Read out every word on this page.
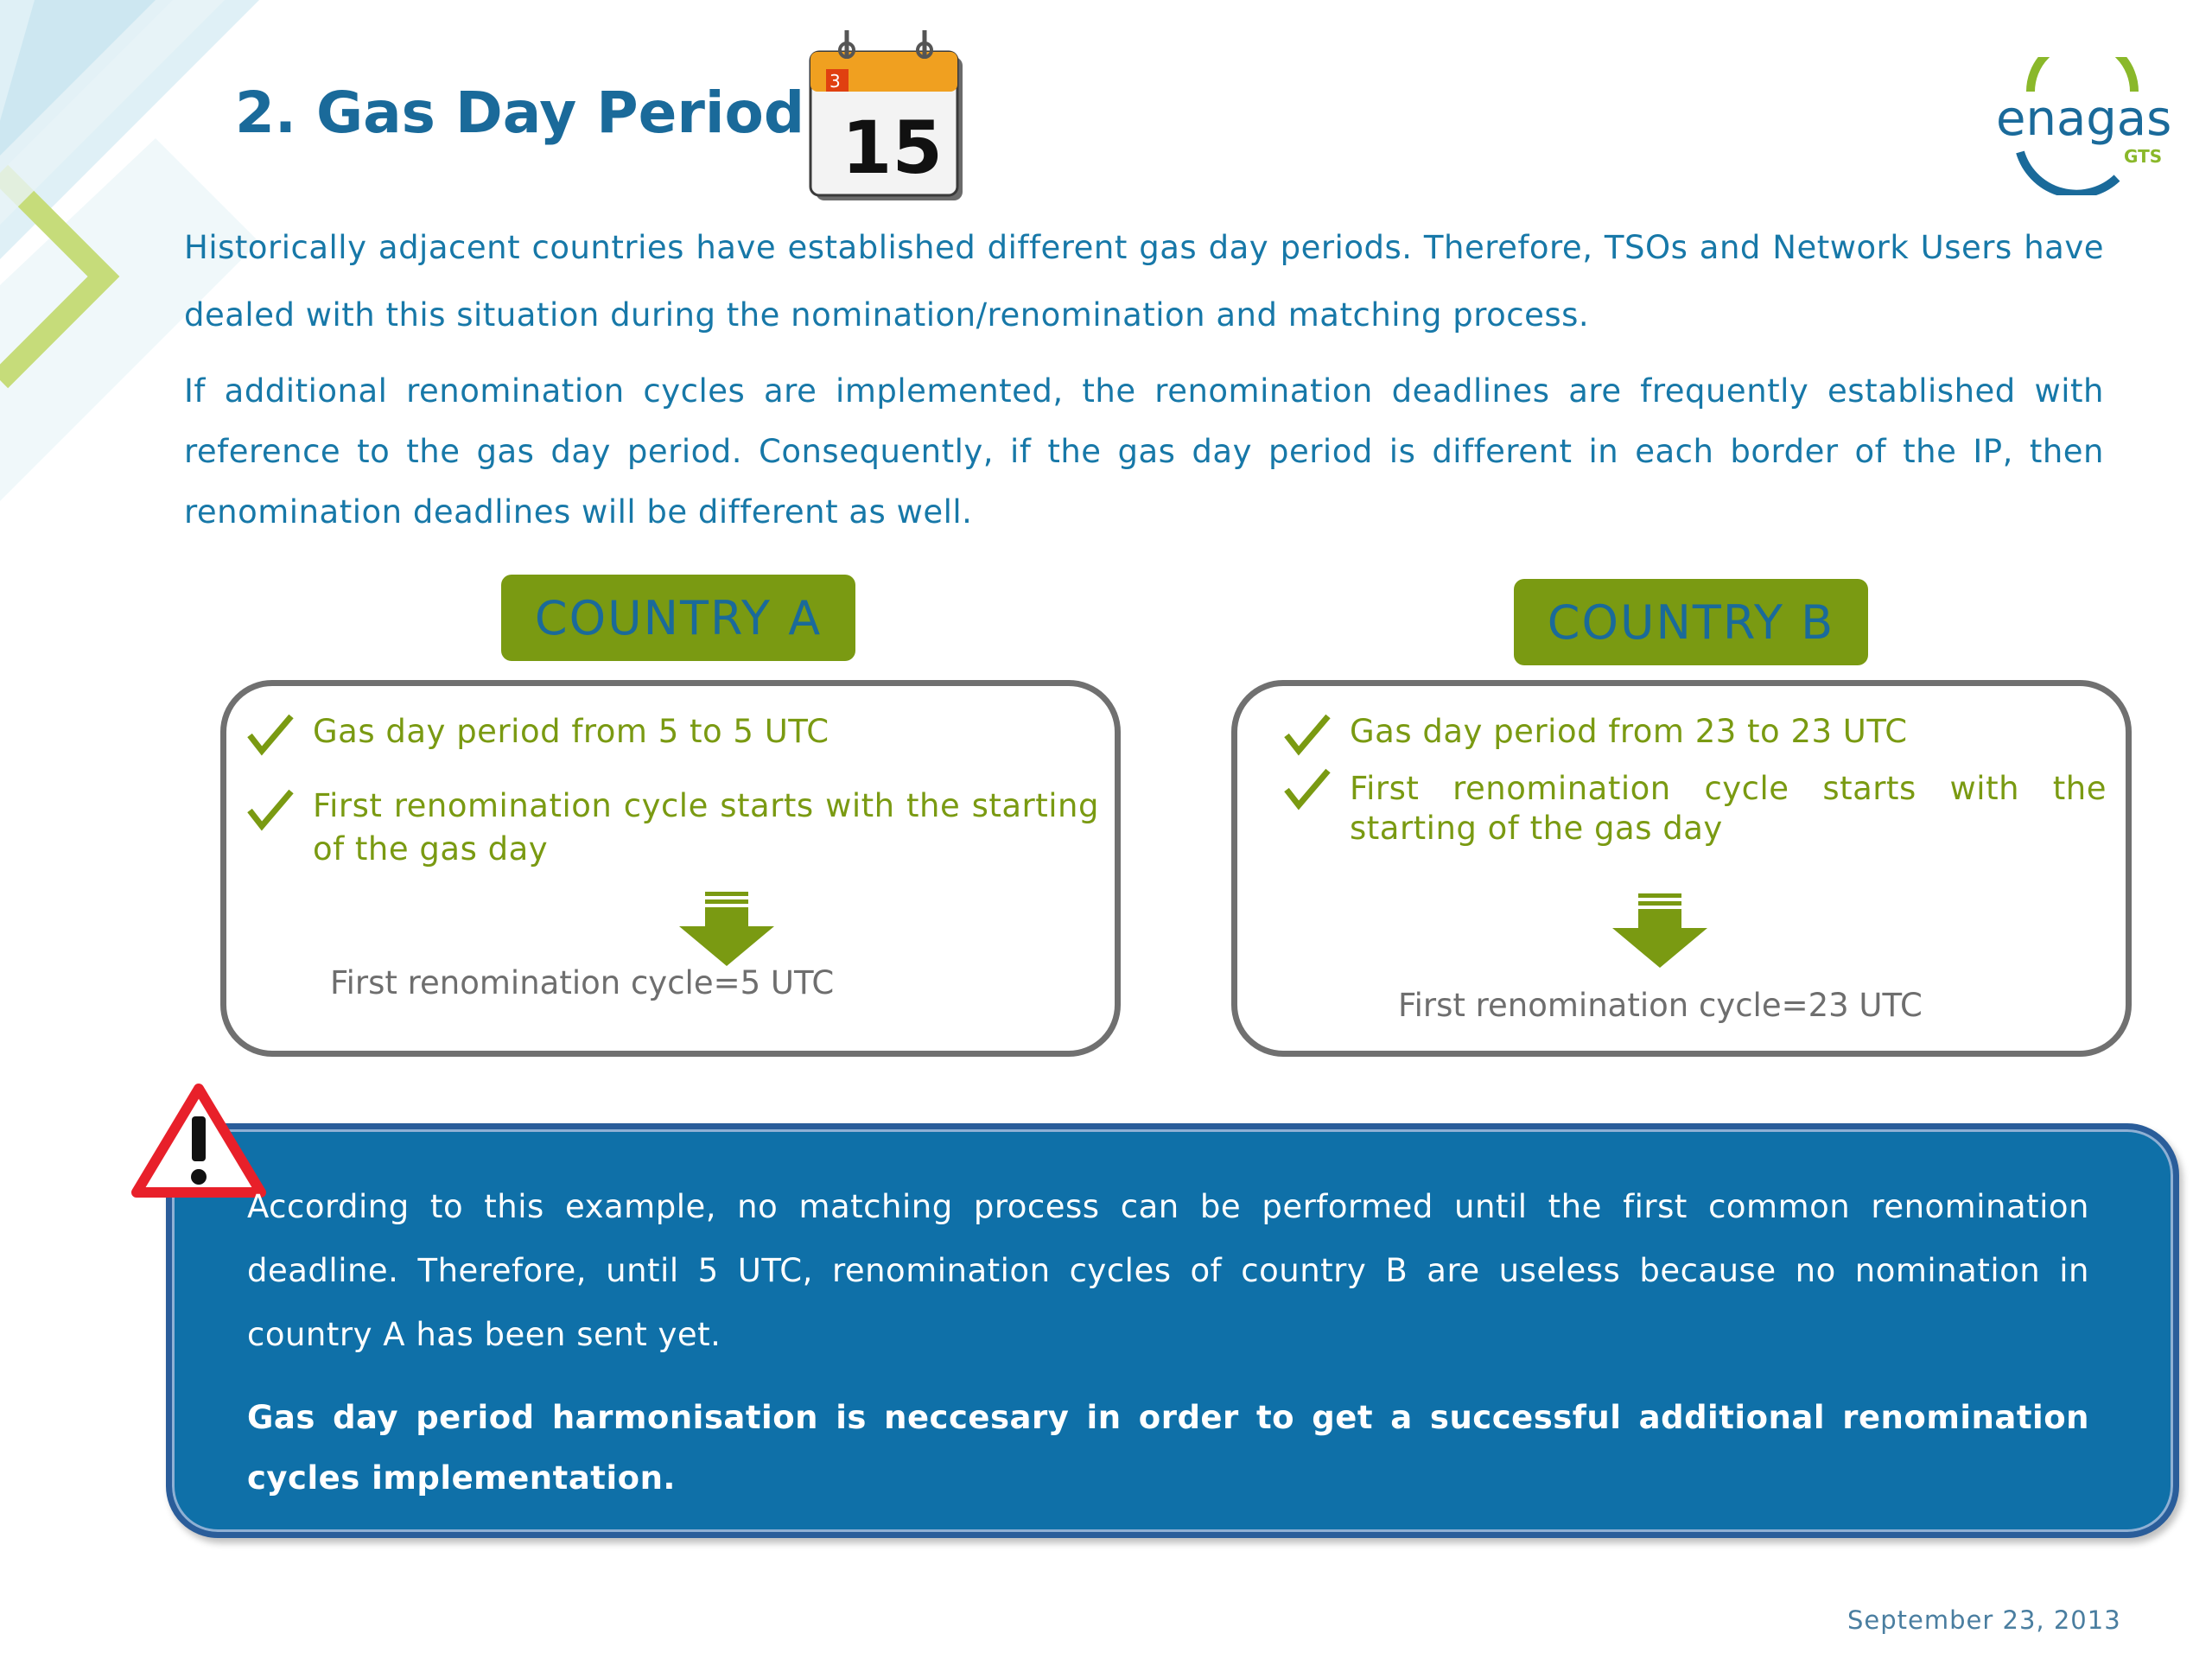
2. Gas Day Period 3
15	enagas
GTS
Historically adjacent countries have established different gas day periods. Therefore, TSOs and Network Users have dealed with this situation during the nomination/renomination and matching process.
If additional renomination cycles are implemented, the renomination deadlines are frequently established with reference to the gas day period. Consequently, if the gas day period is different in each border of the IP, then renomination deadlines will be different as well.
COUNTRY A
Gas day period from 5 to 5 UTC
First renomination cycle starts with the starting of the gas day
First renomination cycle=5 UTC
COUNTRY B
Gas day period from 23 to 23 UTC
First renomination cycle starts with the starting of the gas day
First renomination cycle=23 UTC
According to this example, no matching process can be performed until the first common renomination deadline. Therefore, until 5 UTC, renomination cycles of country B are useless because no nomination in country A has been sent yet.
Gas day period harmonisation is neccesary in order to get a successful additional renomination cycles implementation.
September 23, 2013
